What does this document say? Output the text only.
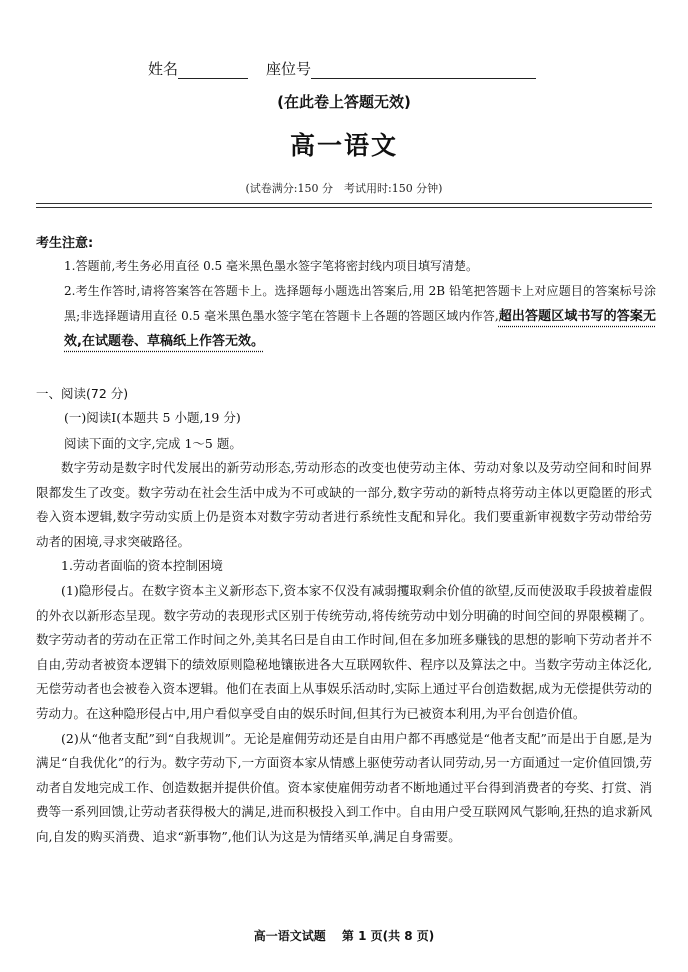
姓名	座位号
(在此卷上答题无效)
高一语文
(试卷满分:150 分　考试用时:150 分钟)
考生注意:
1.答题前,考生务必用直径 0.5 毫米黑色墨水签字笔将密封线内项目填写清楚。
2.考生作答时,请将答案答在答题卡上。选择题每小题选出答案后,用 2B 铅笔把答题卡上对应题目的答案标号涂黑;非选择题请用直径 0.5 毫米黑色墨水签字笔在答题卡上各题的答题区域内作答,超出答题区域书写的答案无效,在试题卷、草稿纸上作答无效。
一、阅读(72 分)
(一)阅读Ⅰ(本题共 5 小题,19 分)
阅读下面的文字,完成 1～5 题。

数字劳动是数字时代发展出的新劳动形态,劳动形态的改变也使劳动主体、劳动对象以及劳动空间和时间界限都发生了改变。数字劳动在社会生活中成为不可或缺的一部分,数字劳动的新特点将劳动主体以更隐匿的形式卷入资本逻辑,数字劳动实质上仍是资本对数字劳动者进行系统性支配和异化。我们要重新审视数字劳动带给劳动者的困境,寻求突破路径。

1.劳动者面临的资本控制困境

(1)隐形侵占。在数字资本主义新形态下,资本家不仅没有减弱攫取剩余价值的欲望,反而使汲取手段披着虚假的外衣以新形态呈现。数字劳动的表现形式区别于传统劳动,将传统劳动中划分明确的时间空间的界限模糊了。数字劳动者的劳动在正常工作时间之外,美其名曰是自由工作时间,但在多加班多赚钱的思想的影响下劳动者并不自由,劳动者被资本逻辑下的绩效原则隐秘地镶嵌进各大互联网软件、程序以及算法之中。当数字劳动主体泛化,无偿劳动者也会被卷入资本逻辑。他们在表面上从事娱乐活动时,实际上通过平台创造数据,成为无偿提供劳动的劳动力。在这种隐形侵占中,用户看似享受自由的娱乐时间,但其行为已被资本利用,为平台创造价值。

(2)从“他者支配”到“自我规训”。无论是雇佣劳动还是自由用户都不再感觉是“他者支配”而是出于自愿,是为满足“自我优化”的行为。数字劳动下,一方面资本家从情感上驱使劳动者认同劳动,另一方面通过一定价值回馈,劳动者自发地完成工作、创造数据并提供价值。资本家使雇佣劳动者不断地通过平台得到消费者的夸奖、打赏、消费等一系列回馈,让劳动者获得极大的满足,进而积极投入到工作中。自由用户受互联网风气影响,狂热的追求新风向,自发的购买消费、追求“新事物”,他们认为这是为情绪买单,满足自身需要。

高一语文试题　 第 1 页(共 8 页)
